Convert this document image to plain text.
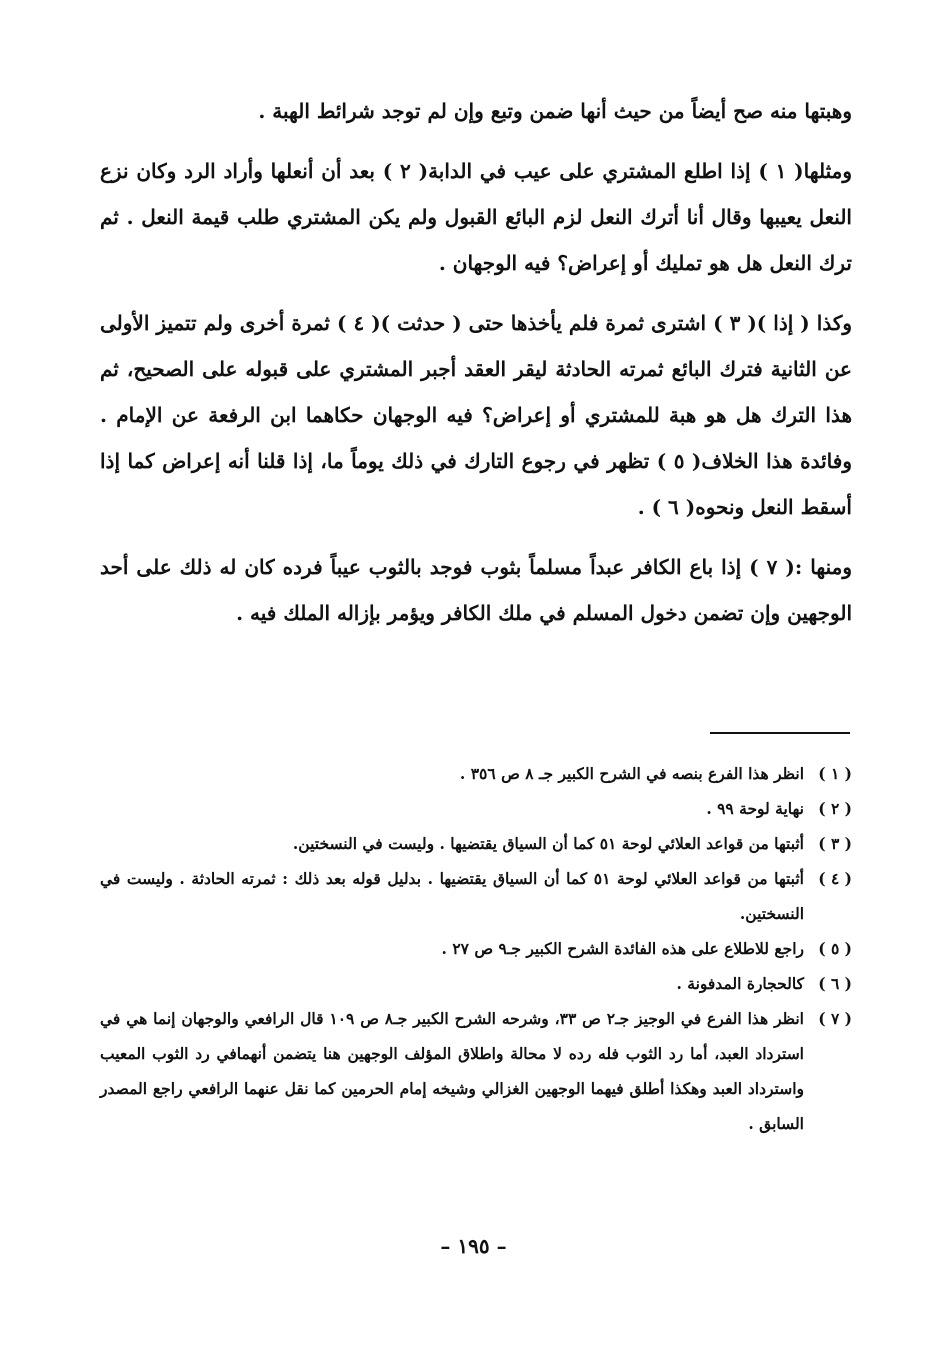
وهبتها منه صح أيضاً من حيث أنها ضمن وتبع وإن لم توجد شرائط الهبة .

ومثلها( ١ ) إذا اطلع المشتري على عيب في الدابة( ٢ ) بعد أن أنعلها وأراد الرد وكان نزع النعل يعيبها وقال أنا أترك النعل لزم البائع القبول ولم يكن المشتري طلب قيمة النعل . ثم ترك النعل هل هو تمليك أو إعراض؟ فيه الوجهان .

وكذا ( إذا )( ٣ ) اشترى ثمرة فلم يأخذها حتى ( حدثت )( ٤ ) ثمرة أخرى ولم تتميز الأولى عن الثانية فترك البائع ثمرته الحادثة ليقر العقد أجبر المشتري على قبوله على الصحيح، ثم هذا الترك هل هو هبة للمشتري أو إعراض؟ فيه الوجهان حكاهما ابن الرفعة عن الإمام . وفائدة هذا الخلاف( ٥ ) تظهر في رجوع التارك في ذلك يوماً ما، إذا قلنا أنه إعراض كما إذا أسقط النعل ونحوه( ٦ ) .

ومنها :( ٧ ) إذا باع الكافر عبداً مسلماً بثوب فوجد بالثوب عيباً فرده كان له ذلك على أحد الوجهين وإن تضمن دخول المسلم في ملك الكافر ويؤمر بإزاله الملك فيه .

( ١ )
انظر هذا الفرع بنصه في الشرح الكبير جـ ٨ ص ٣٥٦ .
( ٢ )
نهاية لوحة ٩٩ .
( ٣ )
أثبتها من قواعد العلائي لوحة ٥١ كما أن السياق يقتضيها . وليست في النسختين.
( ٤ )
أثبتها من قواعد العلائي لوحة ٥١ كما أن السياق يقتضيها . بدليل قوله بعد ذلك : ثمرته الحادثة . وليست في النسختين.
( ٥ )
راجع للاطلاع على هذه الفائدة الشرح الكبير جـ٩ ص ٢٧ .
( ٦ )
كالحجارة المدفونة .
( ٧ )
انظر هذا الفرع في الوجيز جـ٢ ص ٣٣، وشرحه الشرح الكبير جـ٨ ص ١٠٩ قال الرافعي والوجهان إنما هي في استرداد العبد، أما رد الثوب فله رده لا محالة واطلاق المؤلف الوجهين هنا يتضمن أنهمافي رد الثوب المعيب واسترداد العبد وهكذا أطلق فيهما الوجهين الغزالي وشيخه إمام الحرمين كما نقل عنهما الرافعي راجع المصدر السابق .
– ١٩٥ –
